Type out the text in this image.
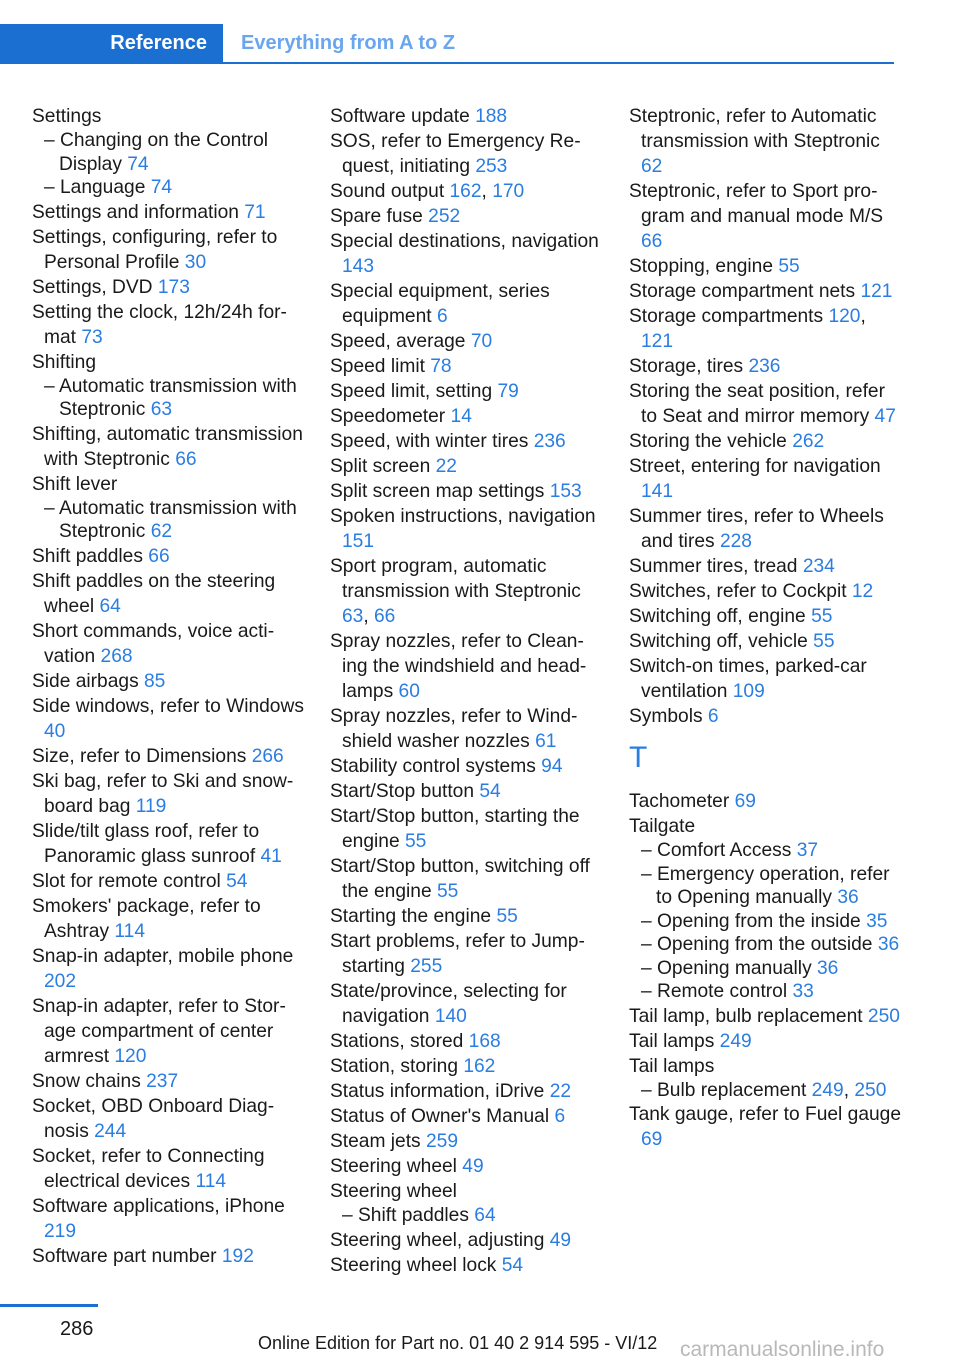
Reference	Everything from A to Z
Settings
– Changing on the Control Display 74
– Language 74
Settings and information 71
Settings, configuring, refer to Personal Profile 30
Settings, DVD 173
Setting the clock, 12h/24h format 73
Shifting
– Automatic transmission with Steptronic 63
Shifting, automatic transmission with Steptronic 66
Shift lever
– Automatic transmission with Steptronic 62
Shift paddles 66
Shift paddles on the steering wheel 64
Short commands, voice activation 268
Side airbags 85
Side windows, refer to Windows 40
Size, refer to Dimensions 266
Ski bag, refer to Ski and snowboard bag 119
Slide/tilt glass roof, refer to Panoramic glass sunroof 41
Slot for remote control 54
Smokers' package, refer to Ashtray 114
Snap-in adapter, mobile phone 202
Snap-in adapter, refer to Storage compartment of center armrest 120
Snow chains 237
Socket, OBD Onboard Diagnosis 244
Socket, refer to Connecting electrical devices 114
Software applications, iPhone 219
Software part number 192
Software update 188
SOS, refer to Emergency Request, initiating 253
Sound output 162, 170
Spare fuse 252
Special destinations, navigation 143
Special equipment, series equipment 6
Speed, average 70
Speed limit 78
Speed limit, setting 79
Speedometer 14
Speed, with winter tires 236
Split screen 22
Split screen map settings 153
Spoken instructions, navigation 151
Sport program, automatic transmission with Steptronic 63, 66
Spray nozzles, refer to Cleaning the windshield and headlamps 60
Spray nozzles, refer to Windshield washer nozzles 61
Stability control systems 94
Start/Stop button 54
Start/Stop button, starting the engine 55
Start/Stop button, switching off the engine 55
Starting the engine 55
Start problems, refer to Jump-starting 255
State/province, selecting for navigation 140
Stations, stored 168
Station, storing 162
Status information, iDrive 22
Status of Owner's Manual 6
Steam jets 259
Steering wheel 49
Steering wheel
– Shift paddles 64
Steering wheel, adjusting 49
Steering wheel lock 54
Steptronic, refer to Automatic transmission with Steptronic 62
Steptronic, refer to Sport program and manual mode M/S 66
Stopping, engine 55
Storage compartment nets 121
Storage compartments 120, 121
Storage, tires 236
Storing the seat position, refer to Seat and mirror memory 47
Storing the vehicle 262
Street, entering for navigation 141
Summer tires, refer to Wheels and tires 228
Summer tires, tread 234
Switches, refer to Cockpit 12
Switching off, engine 55
Switching off, vehicle 55
Switch-on times, parked-car ventilation 109
Symbols 6
T
Tachometer 69
Tailgate
– Comfort Access 37
– Emergency operation, refer to Opening manually 36
– Opening from the inside 35
– Opening from the outside 36
– Opening manually 36
– Remote control 33
Tail lamp, bulb replacement 250
Tail lamps 249
Tail lamps
– Bulb replacement 249, 250
Tank gauge, refer to Fuel gauge 69
286
Online Edition for Part no. 01 40 2 914 595 - VI/12 carmanualsonline.info
